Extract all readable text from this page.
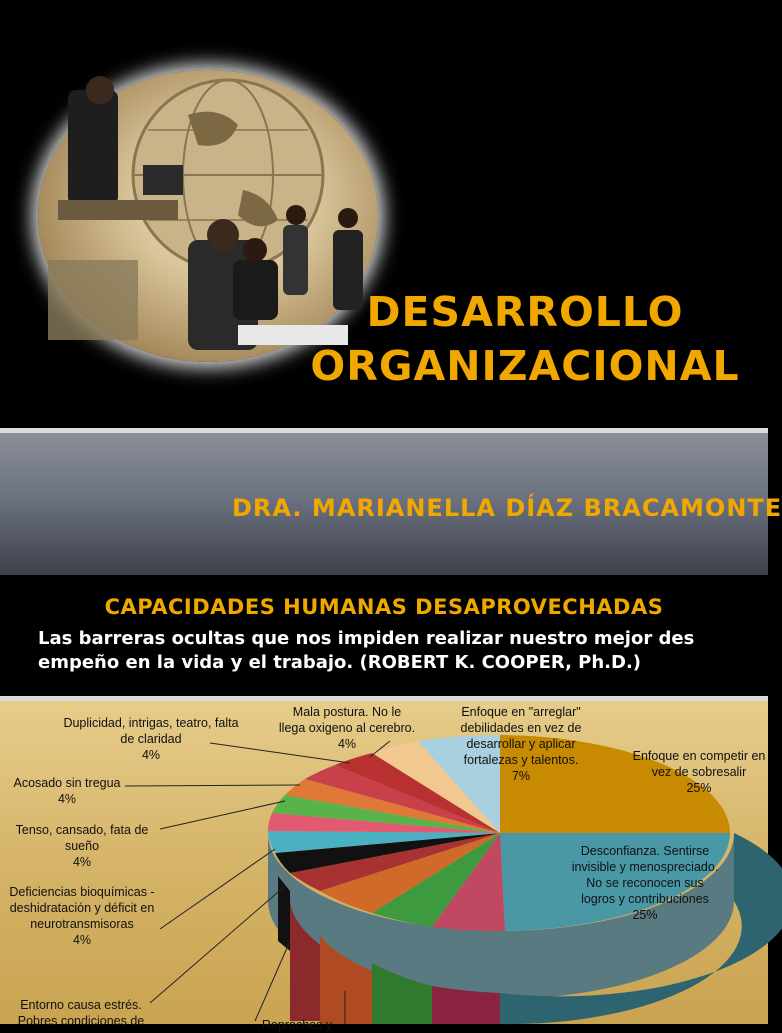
DESARROLLO
ORGANIZACIONAL
DRA. MARIANELLA DÍAZ BRACAMONTE
CAPACIDADES HUMANAS DESAPROVECHADAS
Las barreras ocultas que nos impiden realizar nuestro mejor des
empeño en la vida y el trabajo. (ROBERT K. COOPER, Ph.D.)
Duplicidad, intrigas, teatro, falta de claridad
4%
Mala postura. No le llega oxigeno al cerebro.
4%
Enfoque en "arreglar" debilidades en vez de desarrollar y aplicar fortalezas y talentos.
7%
Enfoque en competir en vez de sobresalir
25%
Acosado sin tregua
4%
Tenso, cansado, fata de sueño
4%
Desconfianza. Sentirse invisible y menospreciado. No se reconocen sus logros y contribuciones
25%
Deficiencias bioquímicas - deshidratación y déficit en neurotransmisoras
4%
Entorno causa estrés. Pobres condiciones de	Reproches y
